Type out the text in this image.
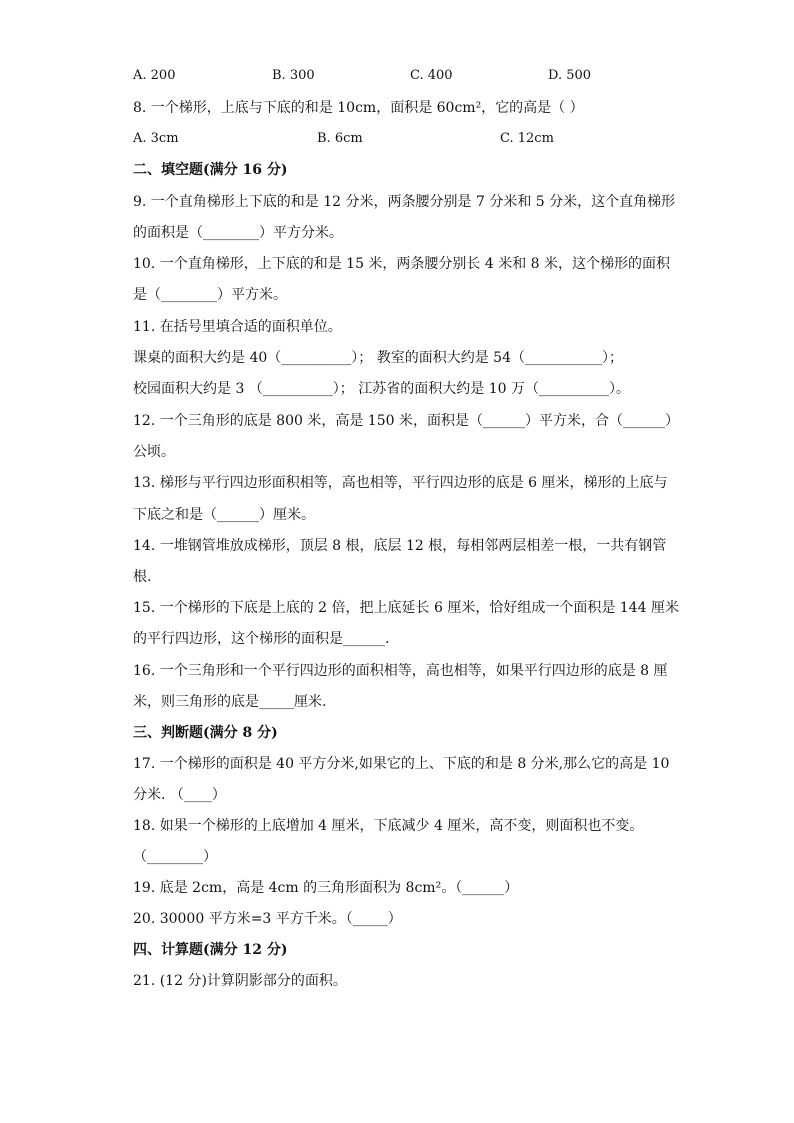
A. 200	B. 300	C. 400	D. 500
8. 一个梯形，上底与下底的和是 10cm，面积是 60cm²，它的高是（ ）
A. 3cm	B. 6cm	C. 12cm
二、填空题(满分 16 分)
9. 一个直角梯形上下底的和是 12 分米，两条腰分别是 7 分米和 5 分米，这个直角梯形
的面积是（________）平方分米。
10. 一个直角梯形，上下底的和是 15 米，两条腰分别长 4 米和 8 米，这个梯形的面积
是（________）平方米。
11. 在括号里填合适的面积单位。
课桌的面积大约是 40（__________）； 教室的面积大约是 54（___________）；
校园面积大约是 3 （__________）； 江苏省的面积大约是 10 万（__________）。
12. 一个三角形的底是 800 米，高是 150 米，面积是（______）平方米，合（______）
公顷。
13. 梯形与平行四边形面积相等，高也相等，平行四边形的底是 6 厘米，梯形的上底与
下底之和是（______）厘米。
14. 一堆钢管堆放成梯形，顶层 8 根，底层 12 根，每相邻两层相差一根，一共有钢管
根.
15. 一个梯形的下底是上底的 2 倍，把上底延长 6 厘米，恰好组成一个面积是 144 厘米
的平行四边形，这个梯形的面积是______.
16. 一个三角形和一个平行四边形的面积相等，高也相等，如果平行四边形的底是 8 厘
米，则三角形的底是_____厘米.
三、判断题(满分 8 分)
17. 一个梯形的面积是 40 平方分米,如果它的上、下底的和是 8 分米,那么它的高是 10
分米. （____）
18. 如果一个梯形的上底增加 4 厘米，下底减少 4 厘米，高不变，则面积也不变。
（________）
19. 底是 2cm，高是 4cm 的三角形面积为 8cm²。（______）
20. 30000 平方米=3 平方千米。（_____）
四、计算题(满分 12 分)
21. (12 分)计算阴影部分的面积。
